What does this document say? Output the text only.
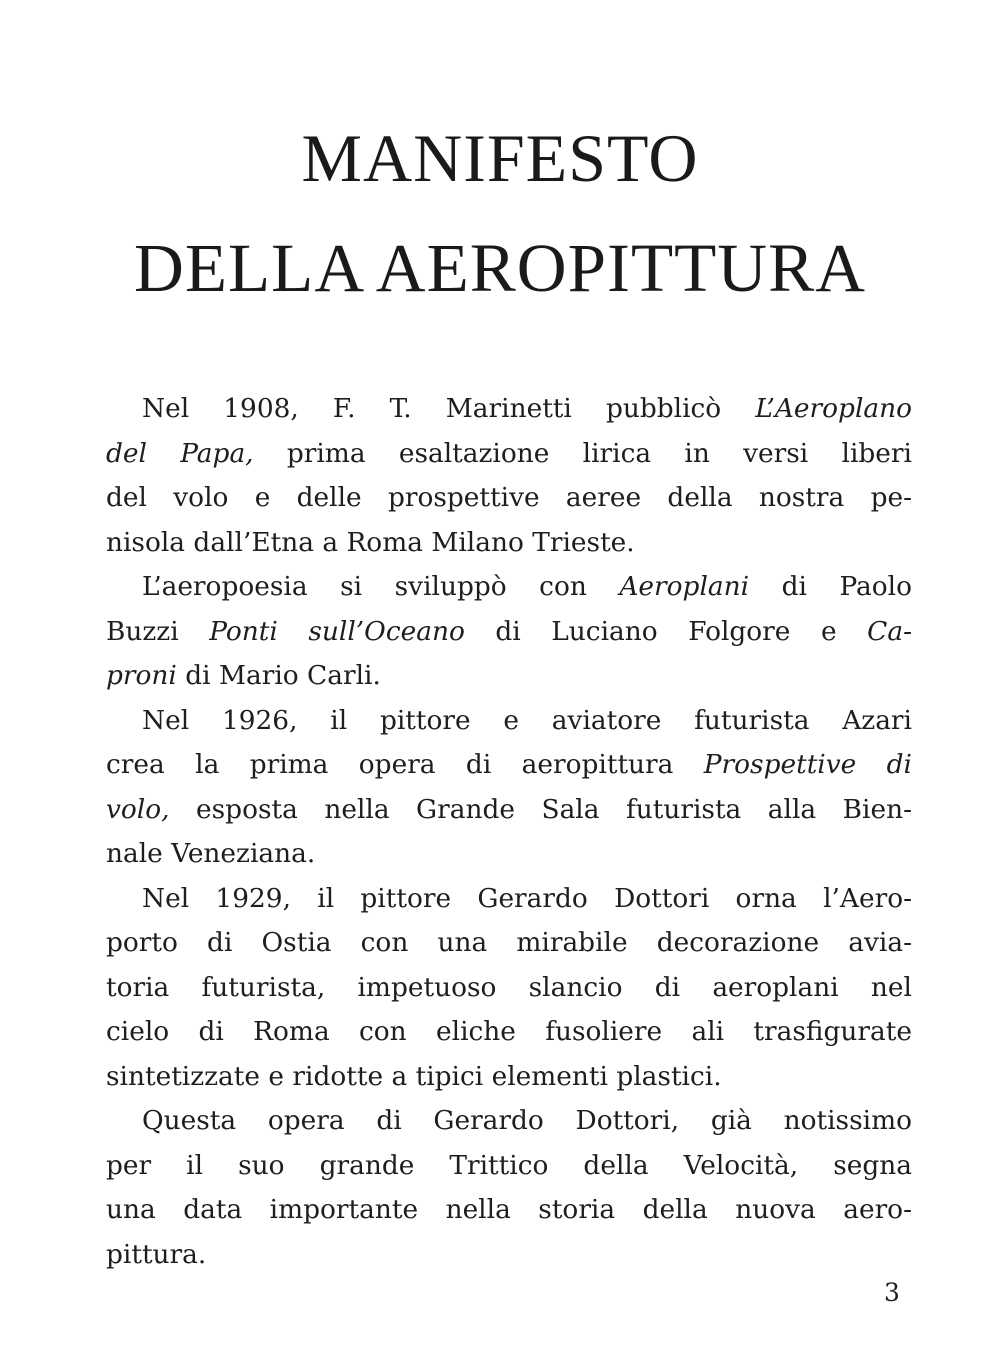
MANIFESTO
DELLA AEROPITTURA
Nel 1908, F. T. Marinetti pubblicò L’Aeroplano
del Papa, prima esaltazione lirica in versi liberi
del volo e delle prospettive aeree della nostra pe-
nisola dall’Etna a Roma Milano Trieste.
L’aeropoesia si sviluppò con Aeroplani di Paolo
Buzzi Ponti sull’Oceano di Luciano Folgore e Ca-
proni di Mario Carli.
Nel 1926, il pittore e aviatore futurista Azari
crea la prima opera di aeropittura Prospettive di
volo, esposta nella Grande Sala futurista alla Bien-
nale Veneziana.
Nel 1929, il pittore Gerardo Dottori orna l’Aero-
porto di Ostia con una mirabile decorazione avia-
toria futurista, impetuoso slancio di aeroplani nel
cielo di Roma con eliche fusoliere ali trasfigurate
sintetizzate e ridotte a tipici elementi plastici.
Questa opera di Gerardo Dottori, già notissimo
per il suo grande Trittico della Velocità, segna
una data importante nella storia della nuova aero-
pittura.
3
